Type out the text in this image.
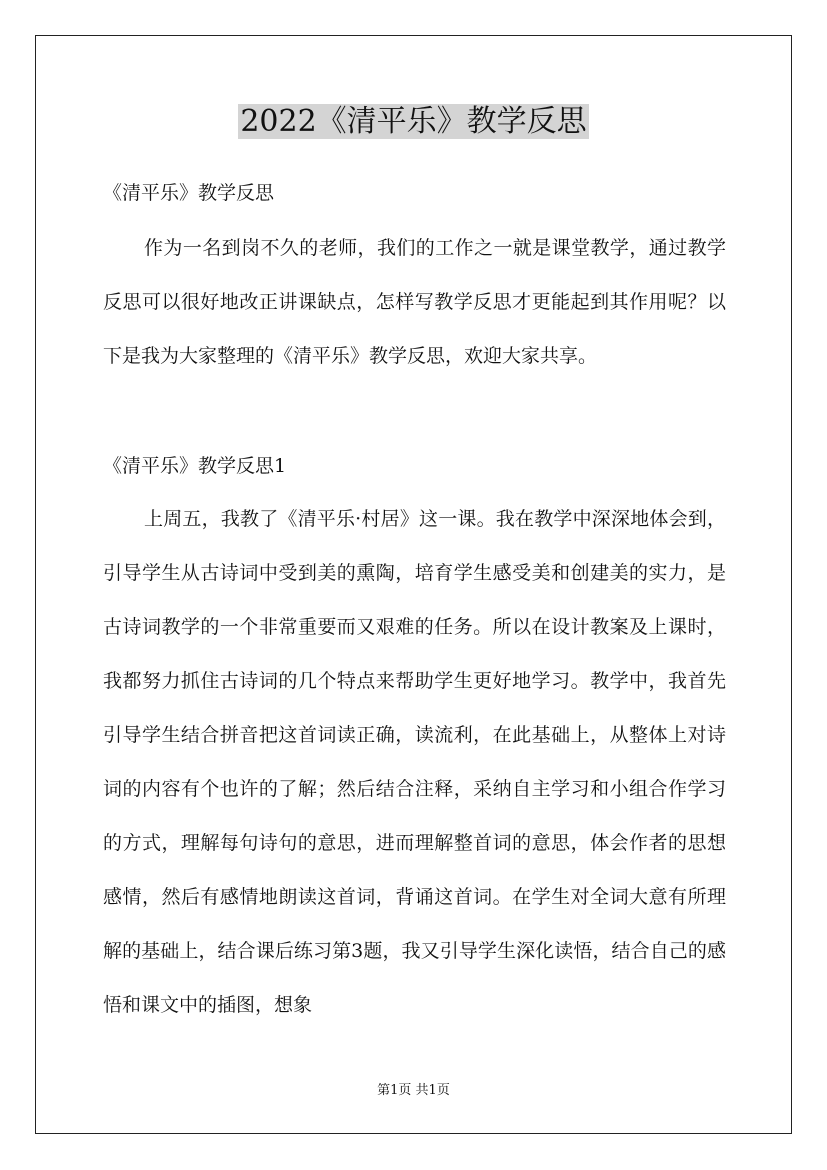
2022《清平乐》教学反思
《清平乐》教学反思

作为一名到岗不久的老师，我们的工作之一就是课堂教学，通过教学反思可以很好地改正讲课缺点，怎样写教学反思才更能起到其作用呢？以下是我为大家整理的《清平乐》教学反思，欢迎大家共享。

《清平乐》教学反思1

上周五，我教了《清平乐·村居》这一课。我在教学中深深地体会到，引导学生从古诗词中受到美的熏陶，培育学生感受美和创建美的实力，是古诗词教学的一个非常重要而又艰难的任务。所以在设计教案及上课时，我都努力抓住古诗词的几个特点来帮助学生更好地学习。教学中，我首先引导学生结合拼音把这首词读正确，读流利，在此基础上，从整体上对诗词的内容有个也许的了解；然后结合注释，采纳自主学习和小组合作学习的方式，理解每句诗句的意思，进而理解整首词的意思，体会作者的思想感情，然后有感情地朗读这首词，背诵这首词。在学生对全词大意有所理解的基础上，结合课后练习第3题，我又引导学生深化读悟，结合自己的感悟和课文中的插图，想象

第1页 共1页
